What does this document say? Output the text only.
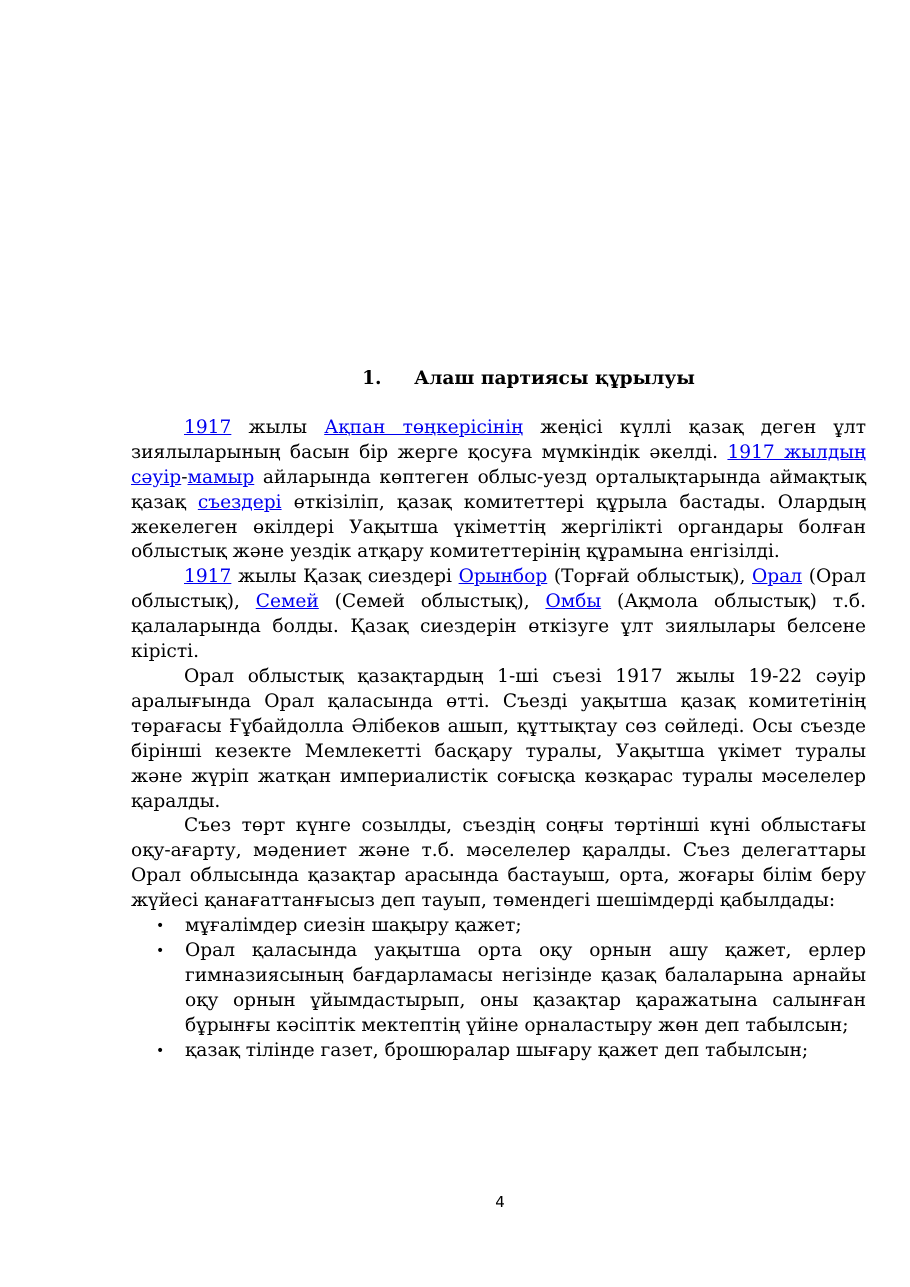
1. Алаш партиясы құрылуы

1917 жылы Ақпан төңкерісінің жеңісі күллі қазақ деген ұлт зиялыларының басын бір жерге қосуға мүмкіндік әкелді. 1917 жылдың сәуір-мамыр айларында көптеген облыс-уезд орталықтарында аймақтық қазақ съездері өткізіліп, қазақ комитеттері құрыла бастады. Олардың жекелеген өкілдері Уақытша үкіметтің жергілікті органдары болған облыстық және уездік атқару комитеттерінің құрамына енгізілді.

1917 жылы Қазақ сиездері Орынбор (Торғай облыстық), Орал (Орал облыстық), Семей (Семей облыстық), Омбы (Ақмола облыстық) т.б. қалаларында болды. Қазақ сиездерін өткізуге ұлт зиялылары белсене кірісті.

Орал облыстық қазақтардың 1-ші съезі 1917 жылы 19-22 сәуір аралығында Орал қаласында өтті. Съезді уақытша қазақ комитетінің төрағасы Ғұбайдолла Әлібеков ашып, құттықтау сөз сөйледі. Осы съезде бірінші кезекте Мемлекетті басқару туралы, Уақытша үкімет туралы және жүріп жатқан империалистік соғысқа көзқарас туралы мәселелер қаралды.

Съез төрт күнге созылды, съездің соңғы төртінші күні облыстағы оқу-ағарту, мәдениет және т.б. мәселелер қаралды. Съез делегаттары Орал облысында қазақтар арасында бастауыш, орта, жоғары білім беру жүйесі қанағаттанғысыз деп тауып, төмендегі шешімдерді қабылдады:

• мұғалімдер сиезін шақыру қажет;
• Орал қаласында уақытша орта оқу орнын ашу қажет, ерлер гимназиясының бағдарламасы негізінде қазақ балаларына арнайы оқу орнын ұйымдастырып, оны қазақтар қаражатына салынған бұрынғы кәсіптік мектептің үйіне орналастыру жөн деп табылсын;
• қазақ тілінде газет, брошюралар шығару қажет деп табылсын;
4
